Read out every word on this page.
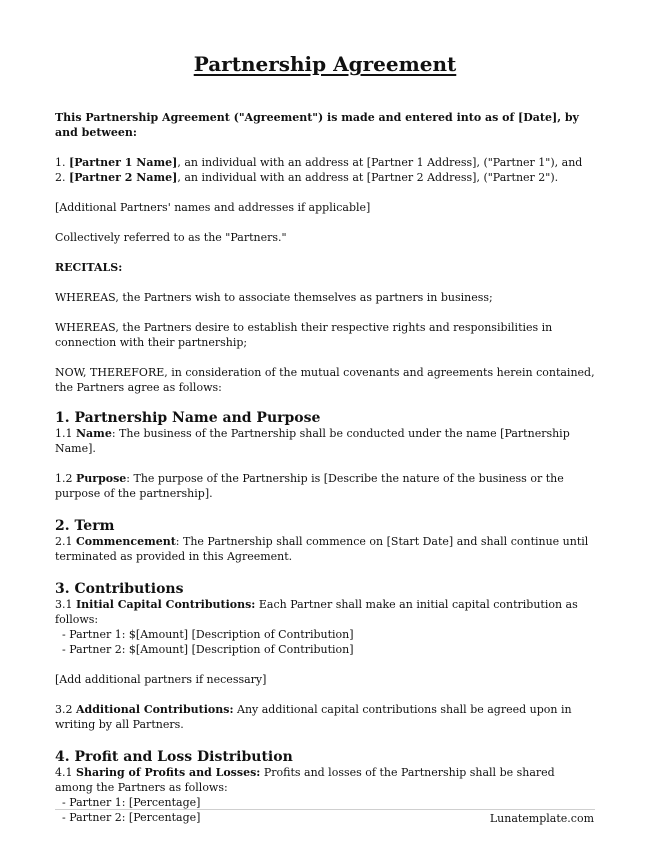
Partnership Agreement

This Partnership Agreement ("Agreement") is made and entered into as of [Date], by and between:

1. [Partner 1 Name], an individual with an address at [Partner 1 Address], ("Partner 1"), and

2. [Partner 2 Name], an individual with an address at [Partner 2 Address], ("Partner 2").

[Additional Partners' names and addresses if applicable]

Collectively referred to as the "Partners."

RECITALS:

WHEREAS, the Partners wish to associate themselves as partners in business;

WHEREAS, the Partners desire to establish their respective rights and responsibilities in connection with their partnership;

NOW, THEREFORE, in consideration of the mutual covenants and agreements herein contained, the Partners agree as follows:

1. Partnership Name and Purpose

1.1 Name: The business of the Partnership shall be conducted under the name [Partnership Name].

1.2 Purpose: The purpose of the Partnership is [Describe the nature of the business or the purpose of the partnership].

2. Term

2.1 Commencement: The Partnership shall commence on [Start Date] and shall continue until terminated as provided in this Agreement.

3. Contributions

3.1 Initial Capital Contributions: Each Partner shall make an initial capital contribution as follows:

- Partner 1: $[Amount] [Description of Contribution]

- Partner 2: $[Amount] [Description of Contribution]

[Add additional partners if necessary]

3.2 Additional Contributions: Any additional capital contributions shall be agreed upon in writing by all Partners.

4. Profit and Loss Distribution

4.1 Sharing of Profits and Losses: Profits and losses of the Partnership shall be shared among the Partners as follows:

- Partner 1: [Percentage]

- Partner 2: [Percentage]	Lunatemplate.com
